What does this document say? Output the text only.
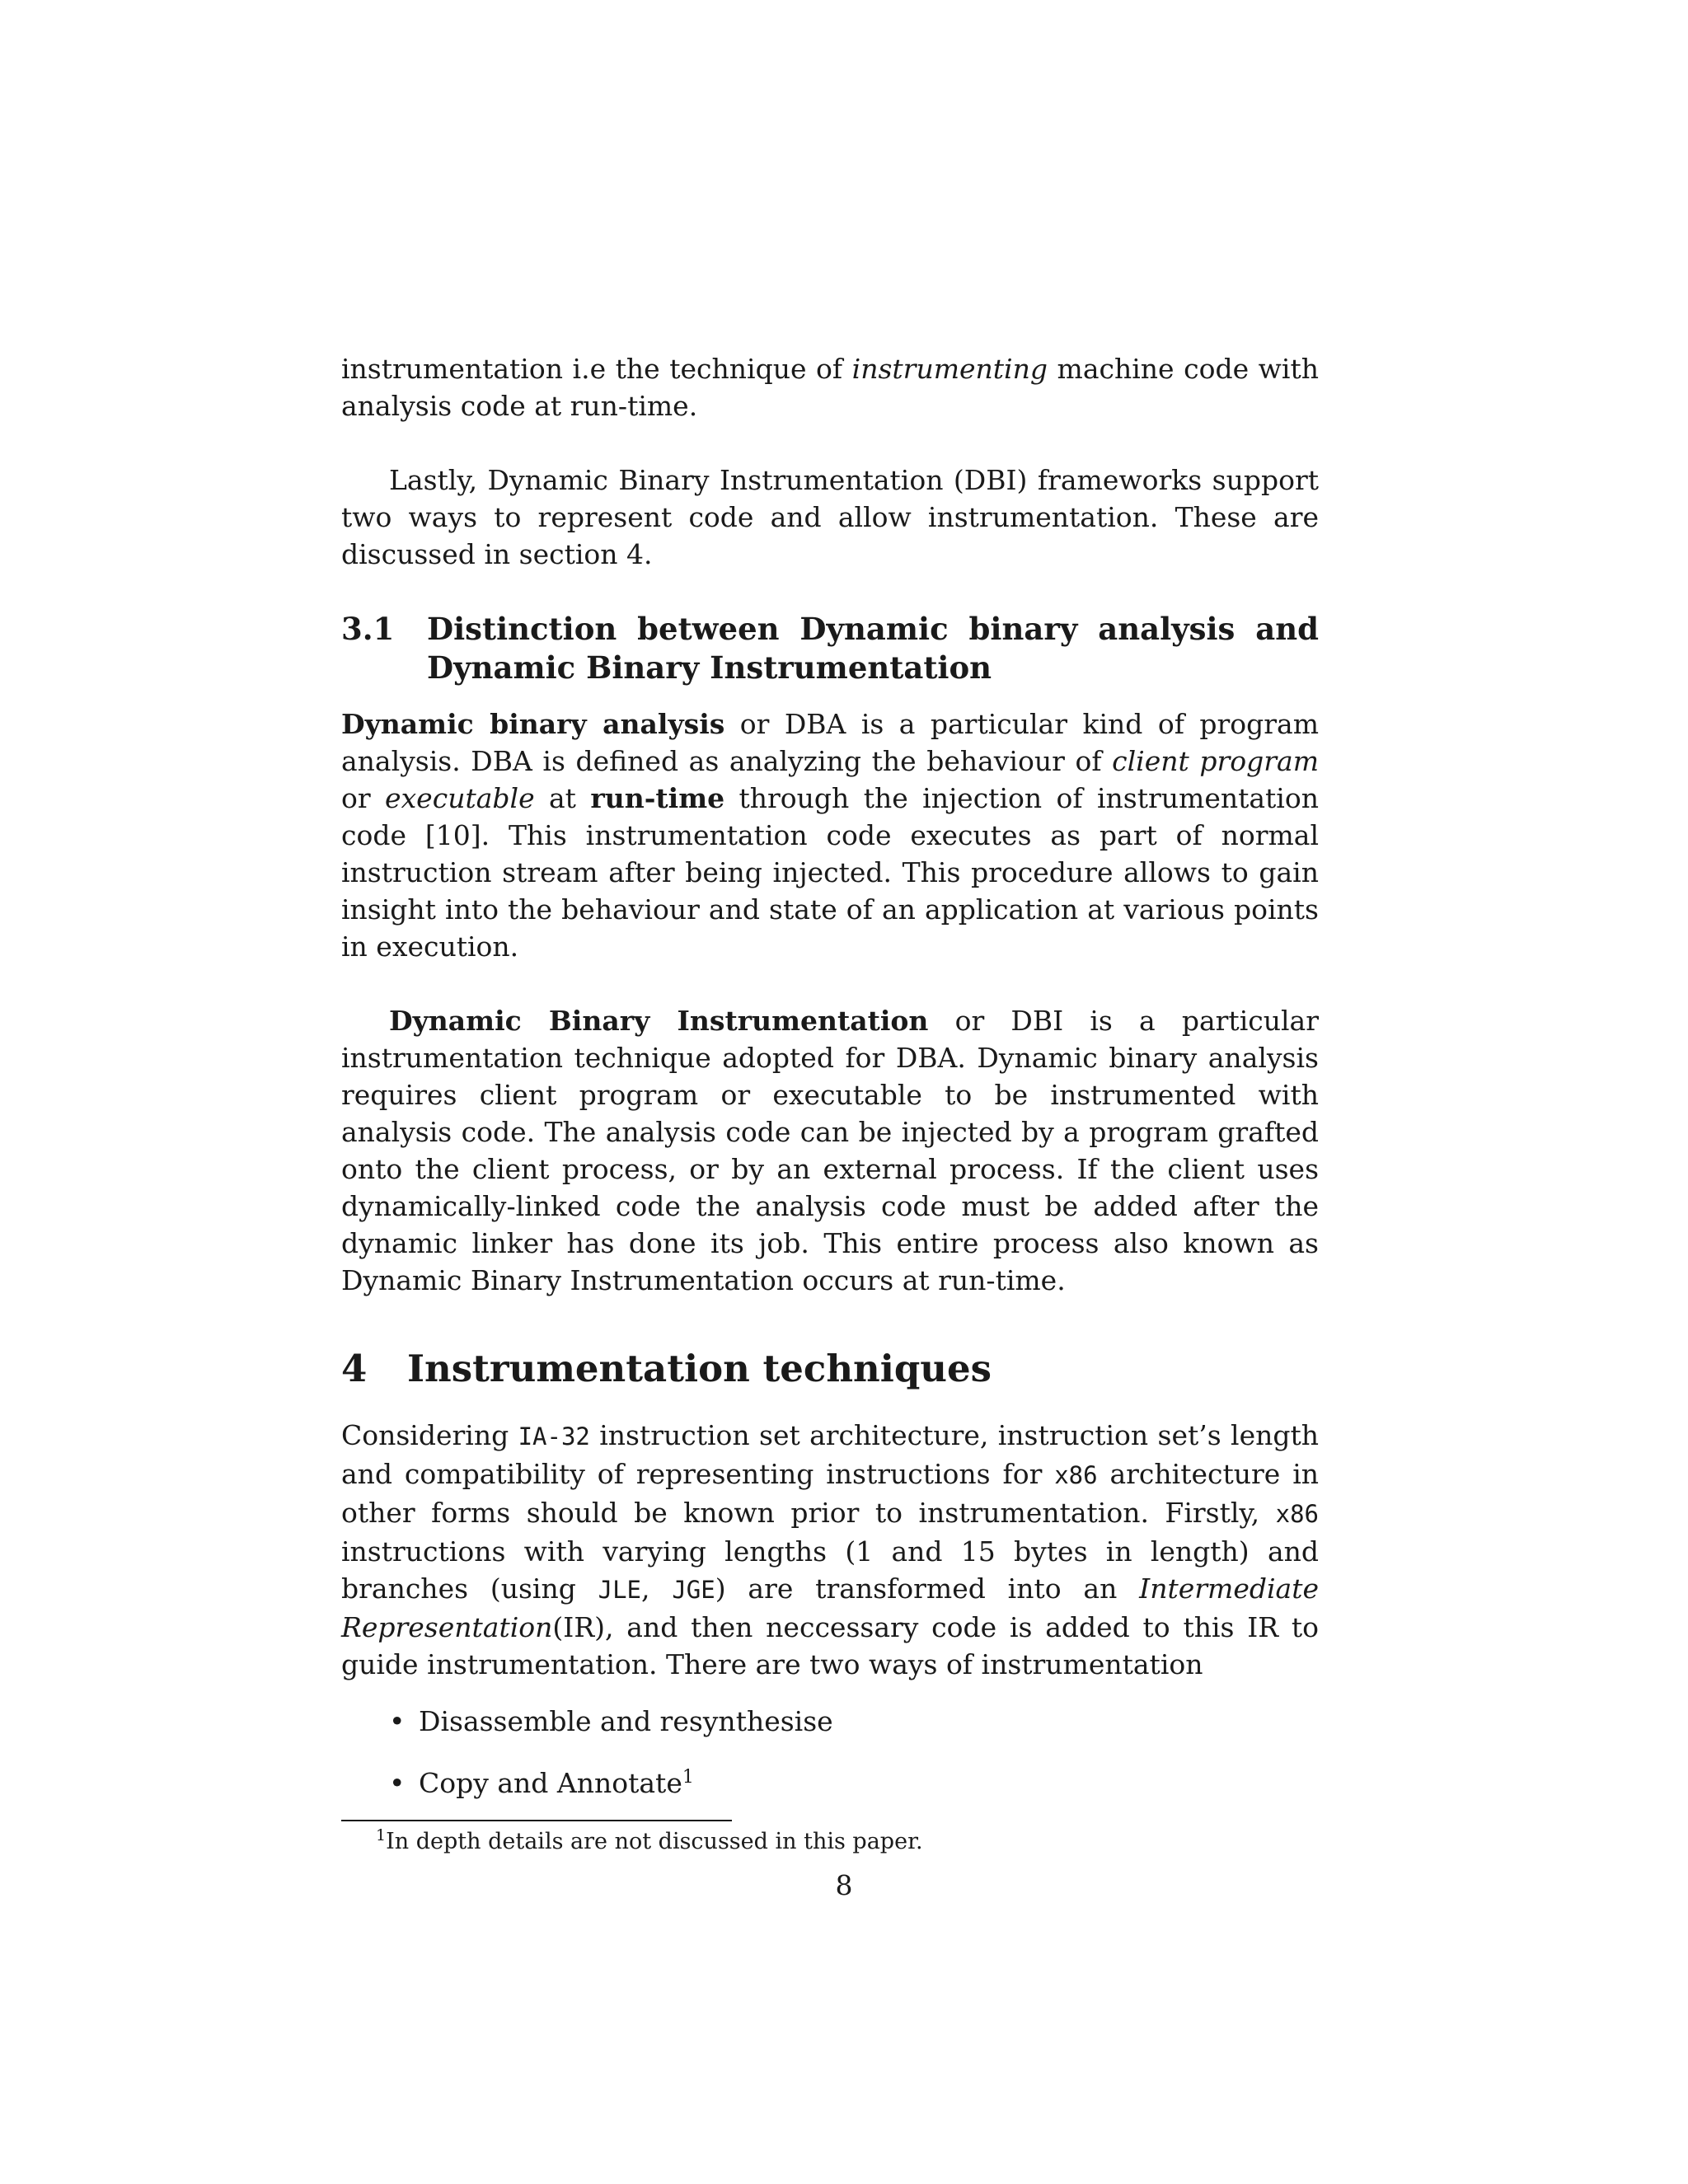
instrumentation i.e the technique of instrumenting machine code with analysis code at run-time.

Lastly, Dynamic Binary Instrumentation (DBI) frameworks support two ways to represent code and allow instrumentation. These are discussed in section 4.

3.1	Distinction between Dynamic binary analysis and Dynamic Binary Instrumentation

Dynamic binary analysis or DBA is a particular kind of program analysis. DBA is defined as analyzing the behaviour of client program or executable at run-time through the injection of instrumentation code [10]. This instrumentation code executes as part of normal instruction stream after being injected. This procedure allows to gain insight into the behaviour and state of an application at various points in execution.

Dynamic Binary Instrumentation or DBI is a particular instrumentation technique adopted for DBA. Dynamic binary analysis requires client program or executable to be instrumented with analysis code. The analysis code can be injected by a program grafted onto the client process, or by an external process. If the client uses dynamically-linked code the analysis code must be added after the dynamic linker has done its job. This entire process also known as Dynamic Binary Instrumentation occurs at run-time.

4	Instrumentation techniques

Considering IA-32 instruction set architecture, instruction set’s length and compatibility of representing instructions for x86 architecture in other forms should be known prior to instrumentation. Firstly, x86 instructions with varying lengths (1 and 15 bytes in length) and branches (using JLE, JGE) are transformed into an Intermediate Representation(IR), and then neccessary code is added to this IR to guide instrumentation. There are two ways of instrumentation

• Disassemble and resynthesise
• Copy and Annotate$^1$

$^1$In depth details are not discussed in this paper.

8
